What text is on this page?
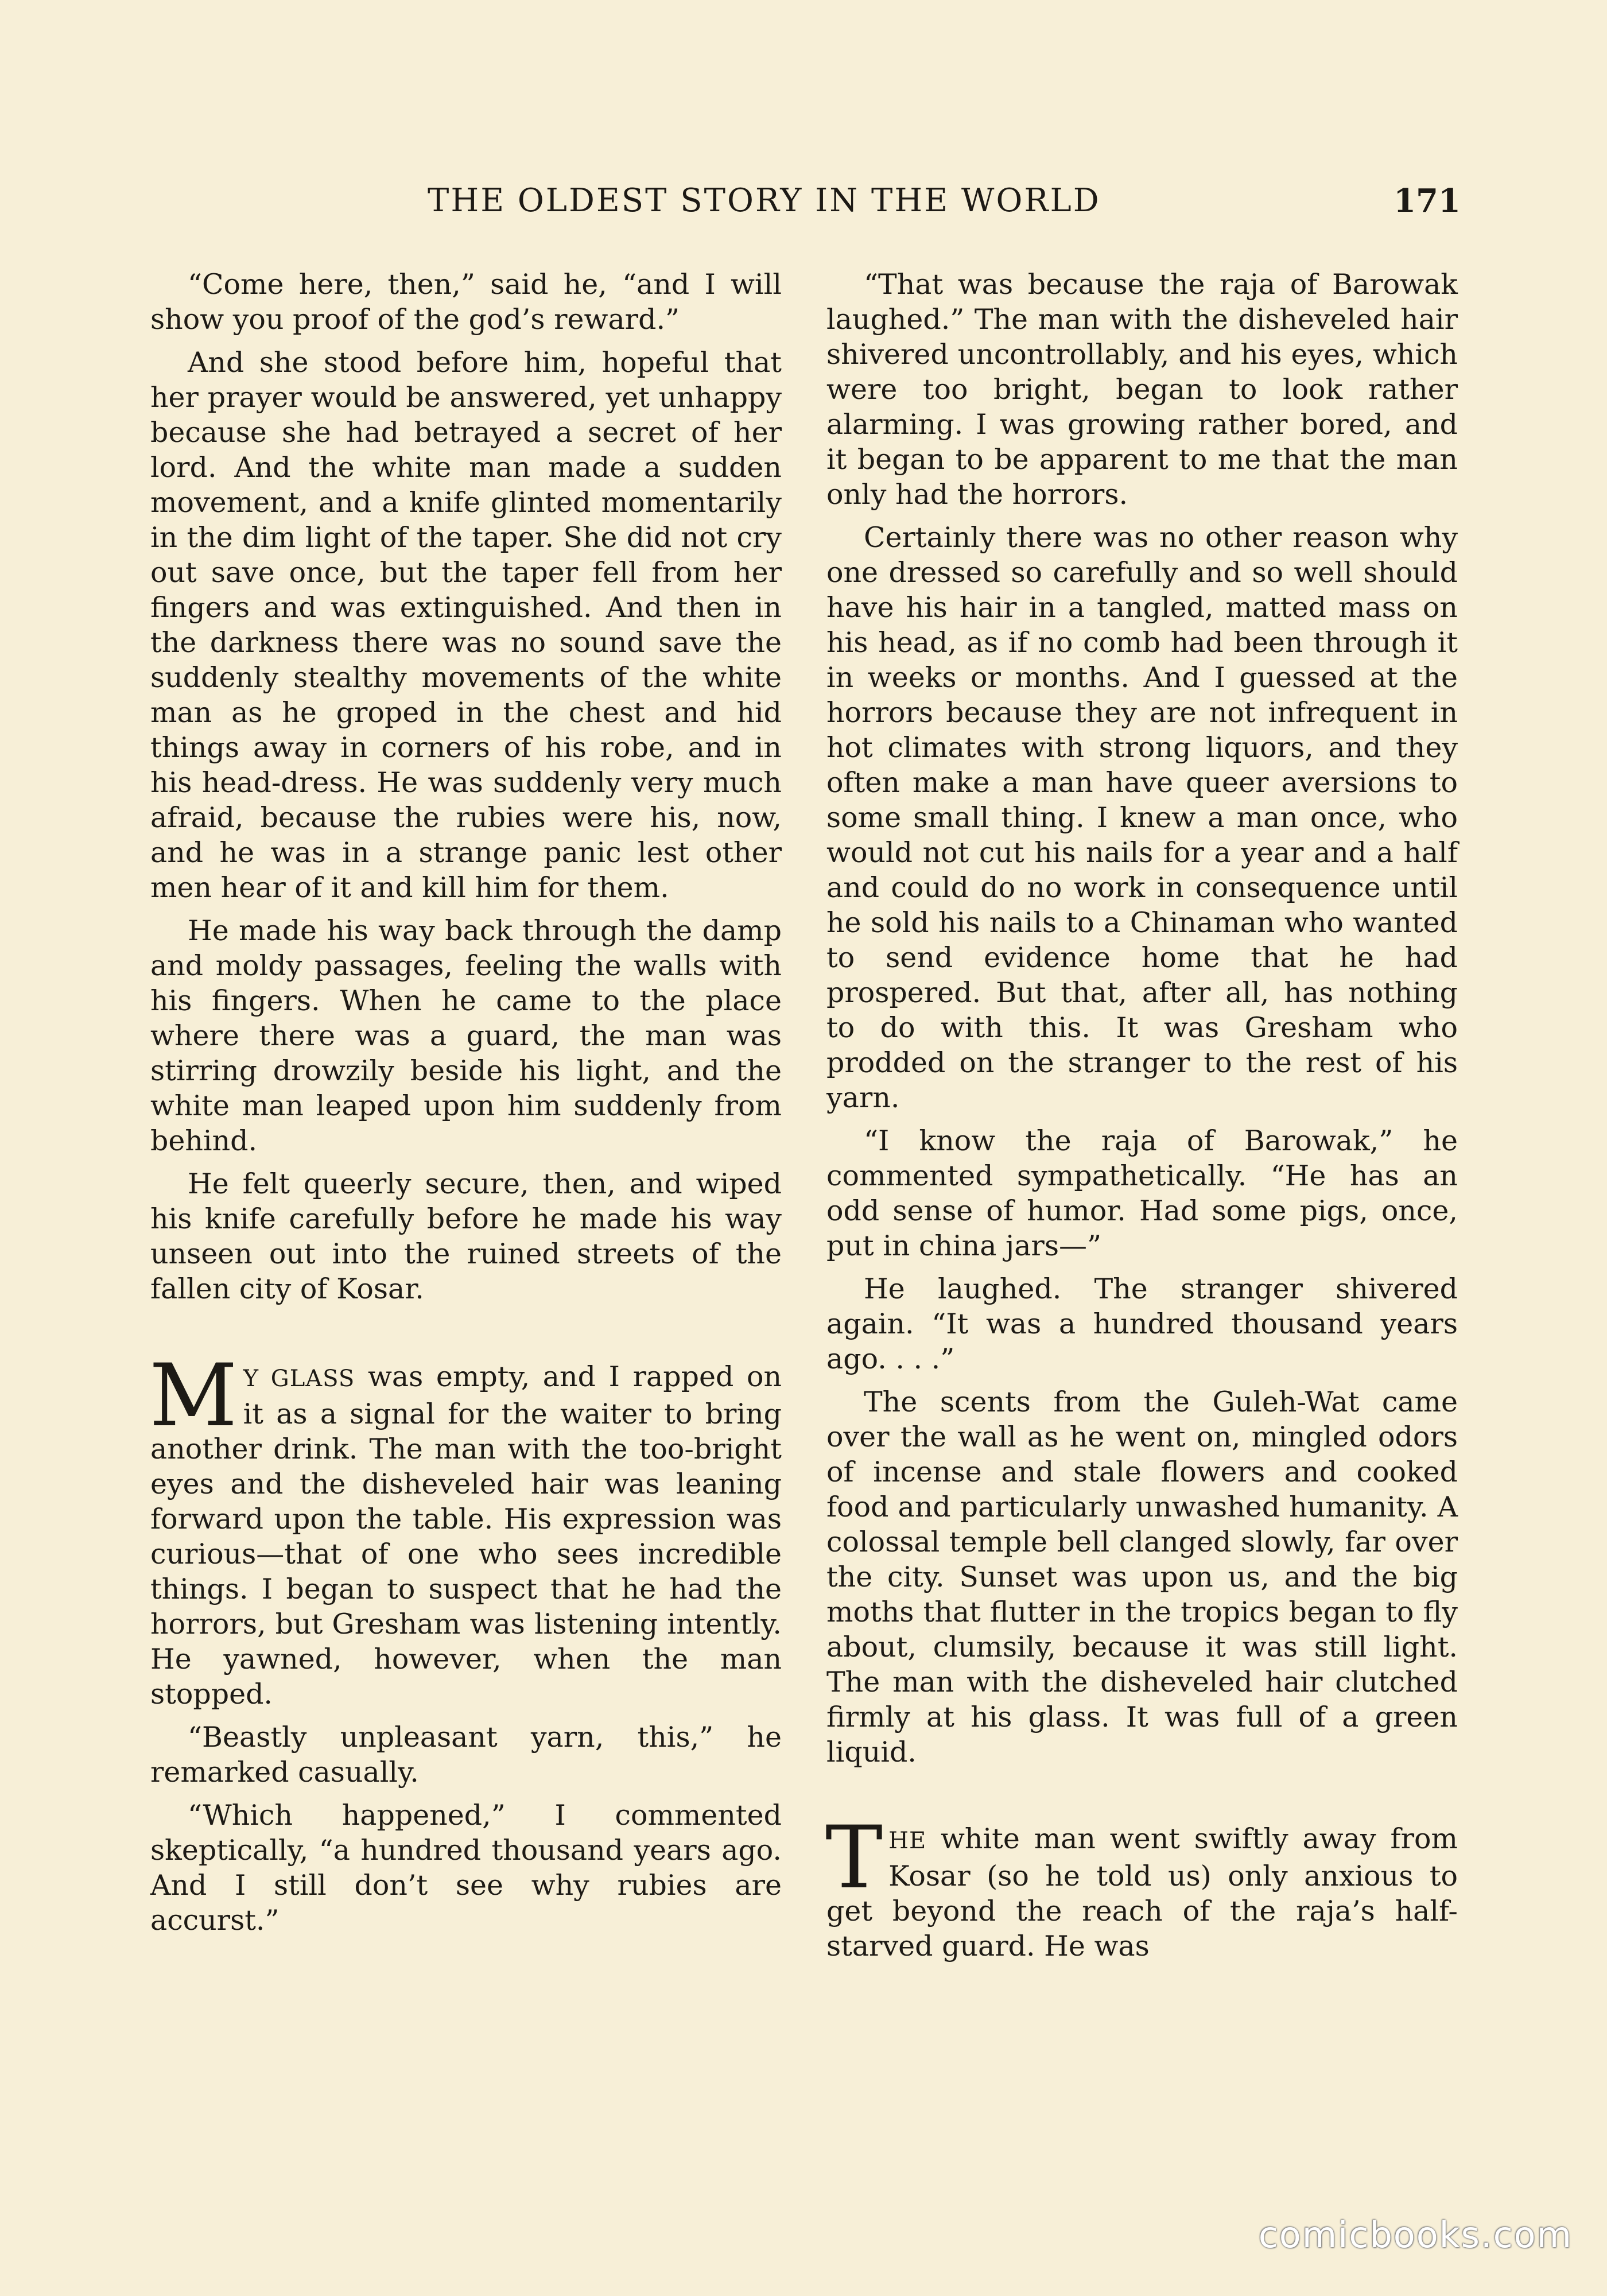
THE OLDEST STORY IN THE WORLD	171

“Come here, then,” said he, “and I will show you proof of the god’s reward.”

And she stood before him, hopeful that her prayer would be answered, yet unhappy because she had betrayed a secret of her lord. And the white man made a sudden movement, and a knife glinted momentarily in the dim light of the taper. She did not cry out save once, but the taper fell from her fingers and was extinguished. And then in the darkness there was no sound save the suddenly stealthy movements of the white man as he groped in the chest and hid things away in corners of his robe, and in his head-dress. He was suddenly very much afraid, because the rubies were his, now, and he was in a strange panic lest other men hear of it and kill him for them.

He made his way back through the damp and moldy passages, feeling the walls with his fingers. When he came to the place where there was a guard, the man was stirring drowzily beside his light, and the white man leaped upon him suddenly from behind.

He felt queerly secure, then, and wiped his knife carefully before he made his way unseen out into the ruined streets of the fallen city of Kosar.

M Y GLASS was empty, and I rapped on it as a signal for the waiter to bring another drink. The man with the too-bright eyes and the disheveled hair was leaning forward upon the table. His expression was curious—that of one who sees incredible things. I began to suspect that he had the horrors, but Gresham was listening intently. He yawned, however, when the man stopped.

“Beastly unpleasant yarn, this,” he remarked casually.

“Which happened,” I commented skeptically, “a hundred thousand years ago. And I still don’t see why rubies are accurst.”

“That was because the raja of Barowak laughed.” The man with the disheveled hair shivered uncontrollably, and his eyes, which were too bright, began to look rather alarming. I was growing rather bored, and it began to be apparent to me that the man only had the horrors.

Certainly there was no other reason why one dressed so carefully and so well should have his hair in a tangled, matted mass on his head, as if no comb had been through it in weeks or months. And I guessed at the horrors because they are not infrequent in hot climates with strong liquors, and they often make a man have queer aversions to some small thing. I knew a man once, who would not cut his nails for a year and a half and could do no work in consequence until he sold his nails to a Chinaman who wanted to send evidence home that he had prospered. But that, after all, has nothing to do with this. It was Gresham who prodded on the stranger to the rest of his yarn.

“I know the raja of Barowak,” he commented sympathetically. “He has an odd sense of humor. Had some pigs, once, put in china jars—”

He laughed. The stranger shivered again. “It was a hundred thousand years ago. . . .”

The scents from the Guleh-Wat came over the wall as he went on, mingled odors of incense and stale flowers and cooked food and particularly unwashed humanity. A colossal temple bell clanged slowly, far over the city. Sunset was upon us, and the big moths that flutter in the tropics began to fly about, clumsily, because it was still light. The man with the disheveled hair clutched firmly at his glass. It was full of a green liquid.

THE white man went swiftly away from Kosar (so he told us) only anxious to get beyond the reach of the raja’s half-starved guard. He was

comicbooks.com
